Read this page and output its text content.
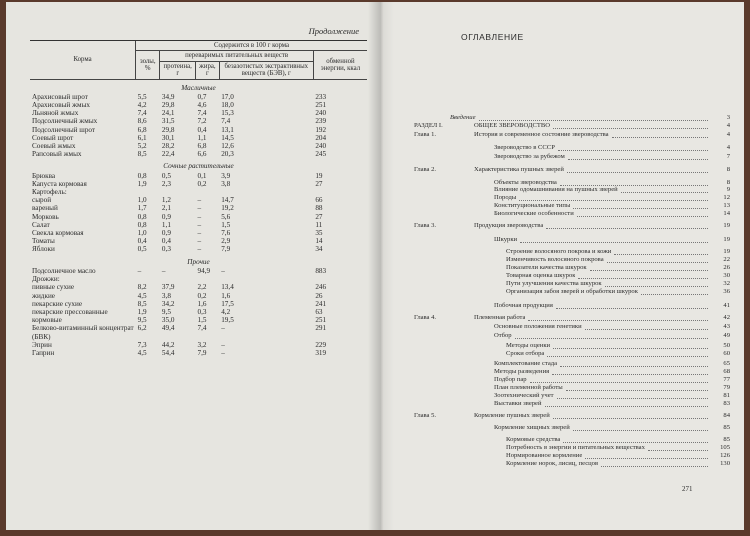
Продолжение
Корма	Содержится в 100 г корма				
	золы, %	переваримых питательных веществ			обменной энергии, ккал
		протеина, г	жира, г	безазотистых экстрактивных веществ (БЭВ), г	
Масличные					
Арахисовый шрот	5,5	34,9	0,7	17,0	233
Арахисовый жмых	4,2	29,8	4,6	18,0	251
Льняной жмых	7,4	24,1	7,4	15,3	240
Подсолнечный жмых	8,6	31,5	7,2	7,4	239
Подсолнечный шрот	6,8	29,8	0,4	13,1	192
Соевый шрот	6,1	30,1	1,1	14,5	204
Соевый жмых	5,2	28,2	6,8	12,6	240
Рапсовый жмых	8,5	22,4	6,6	20,3	245
Сочные растительные					
Брюква	0,8	0,5	0,1	3,9	19
Капуста кормовая	1,9	2,3	0,2	3,8	27
Картофель:					
сырой	1,0	1,2	–	14,7	66
вареный	1,7	2,1	–	19,2	88
Морковь	0,8	0,9	–	5,6	27
Салат	0,8	1,1	–	1,5	11
Свекла кормовая	1,0	0,9	–	7,6	35
Томаты	0,4	0,4	–	2,9	14
Яблоки	0,5	0,3	–	7,9	34
Прочие					
Подсолнечное масло	–	–	94,9	–	883
Дрожжи:					
пивные сухие	8,2	37,9	2,2	13,4	246
жидкие	4,5	3,8	0,2	1,6	26
пекарские сухие	8,5	34,2	1,6	17,5	241
пекарские прессованные	1,9	9,5	0,3	4,2	63
кормовые	9,5	35,0	1,5	19,5	251
Белково-витаминный концентрат	6,2	49,4	7,4	–	291
(БВК)					
Эприн	7,3	44,2	3,2	–	229
Гаприн	4,5	54,4	7,9	–	319
ОГЛАВЛЕНИЕ
Введение	3
РАЗДЕЛ I.	ОБЩЕЕ ЗВЕРОВОДСТВО	4
Глава 1.	История и современное состояние звероводства	4
Звероводство в СССР	4
Звероводство за рубежом	7
Глава 2.	Характеристика пушных зверей	8
Объекты звероводства	8
Влияние одомашнивания на пушных зверей	9
Породы	12
Конституциональные типы	13
Биологические особенности	14
Глава 3.	Продукция звероводства	19
Шкурки	19
Строение волосяного покрова и кожи	19
Изменчивость волосяного покрова	22
Показатели качества шкурок	26
Товарная оценка шкурок	30
Пути улучшения качества шкурок	32
Организация забоя зверей и обработки шкурок	36
Побочная продукция	41
Глава 4.	Племенная работа	42
Основные положения генетики	43
Отбор	49
Методы оценки	50
Сроки отбора	60
Комплектование стада	65
Методы разведения	68
Подбор пар	77
План племенной работы	79
Зоотехнический учет	81
Выставки зверей	83
Глава 5.	Кормление пушных зверей	84
Кормление хищных зверей	85
Кормовые средства	85
Потребность в энергии и питательных веществах	105
Нормированное кормление	126
Кормление норок, лисиц, песцов	130
271
